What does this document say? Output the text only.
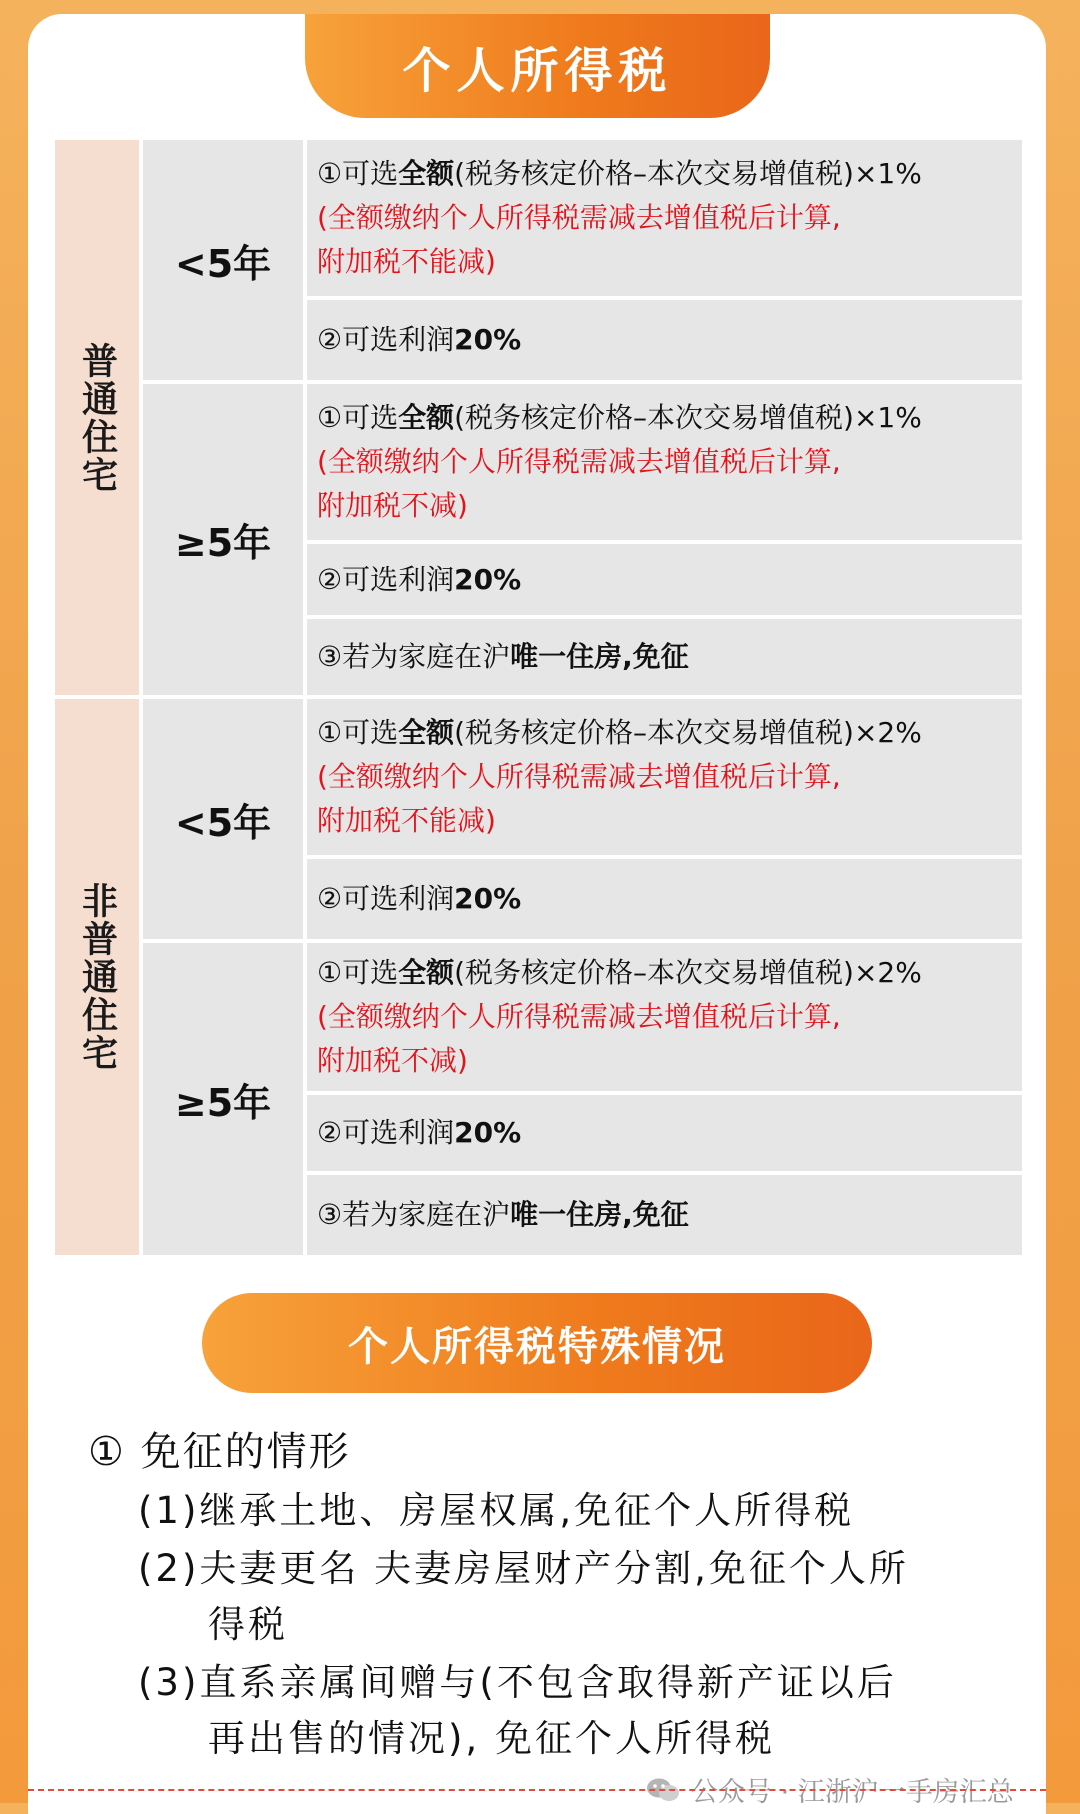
个人所得税
普通住宅
非普通住宅
<5年
≥5年
<5年
≥5年
①可选全额(税务核定价格–本次交易增值税)×1%
(全额缴纳个人所得税需减去增值税后计算,
附加税不能减)
②可选利润20%
①可选全额(税务核定价格–本次交易增值税)×1%
(全额缴纳个人所得税需减去增值税后计算,
附加税不减)
②可选利润20%
③若为家庭在沪唯一住房,免征
①可选全额(税务核定价格–本次交易增值税)×2%
(全额缴纳个人所得税需减去增值税后计算,
附加税不能减)
②可选利润20%
①可选全额(税务核定价格–本次交易增值税)×2%
(全额缴纳个人所得税需减去增值税后计算,
附加税不减)
②可选利润20%
③若为家庭在沪唯一住房,免征
个人所得税特殊情况
① 免征的情形
(1)继承土地、房屋权属,免征个人所得税
(2)夫妻更名 夫妻房屋财产分割,免征个人所
得税
(3)直系亲属间赠与(不包含取得新产证以后
再出售的情况), 免征个人所得税
公众号 · 江浙沪一手房汇总
